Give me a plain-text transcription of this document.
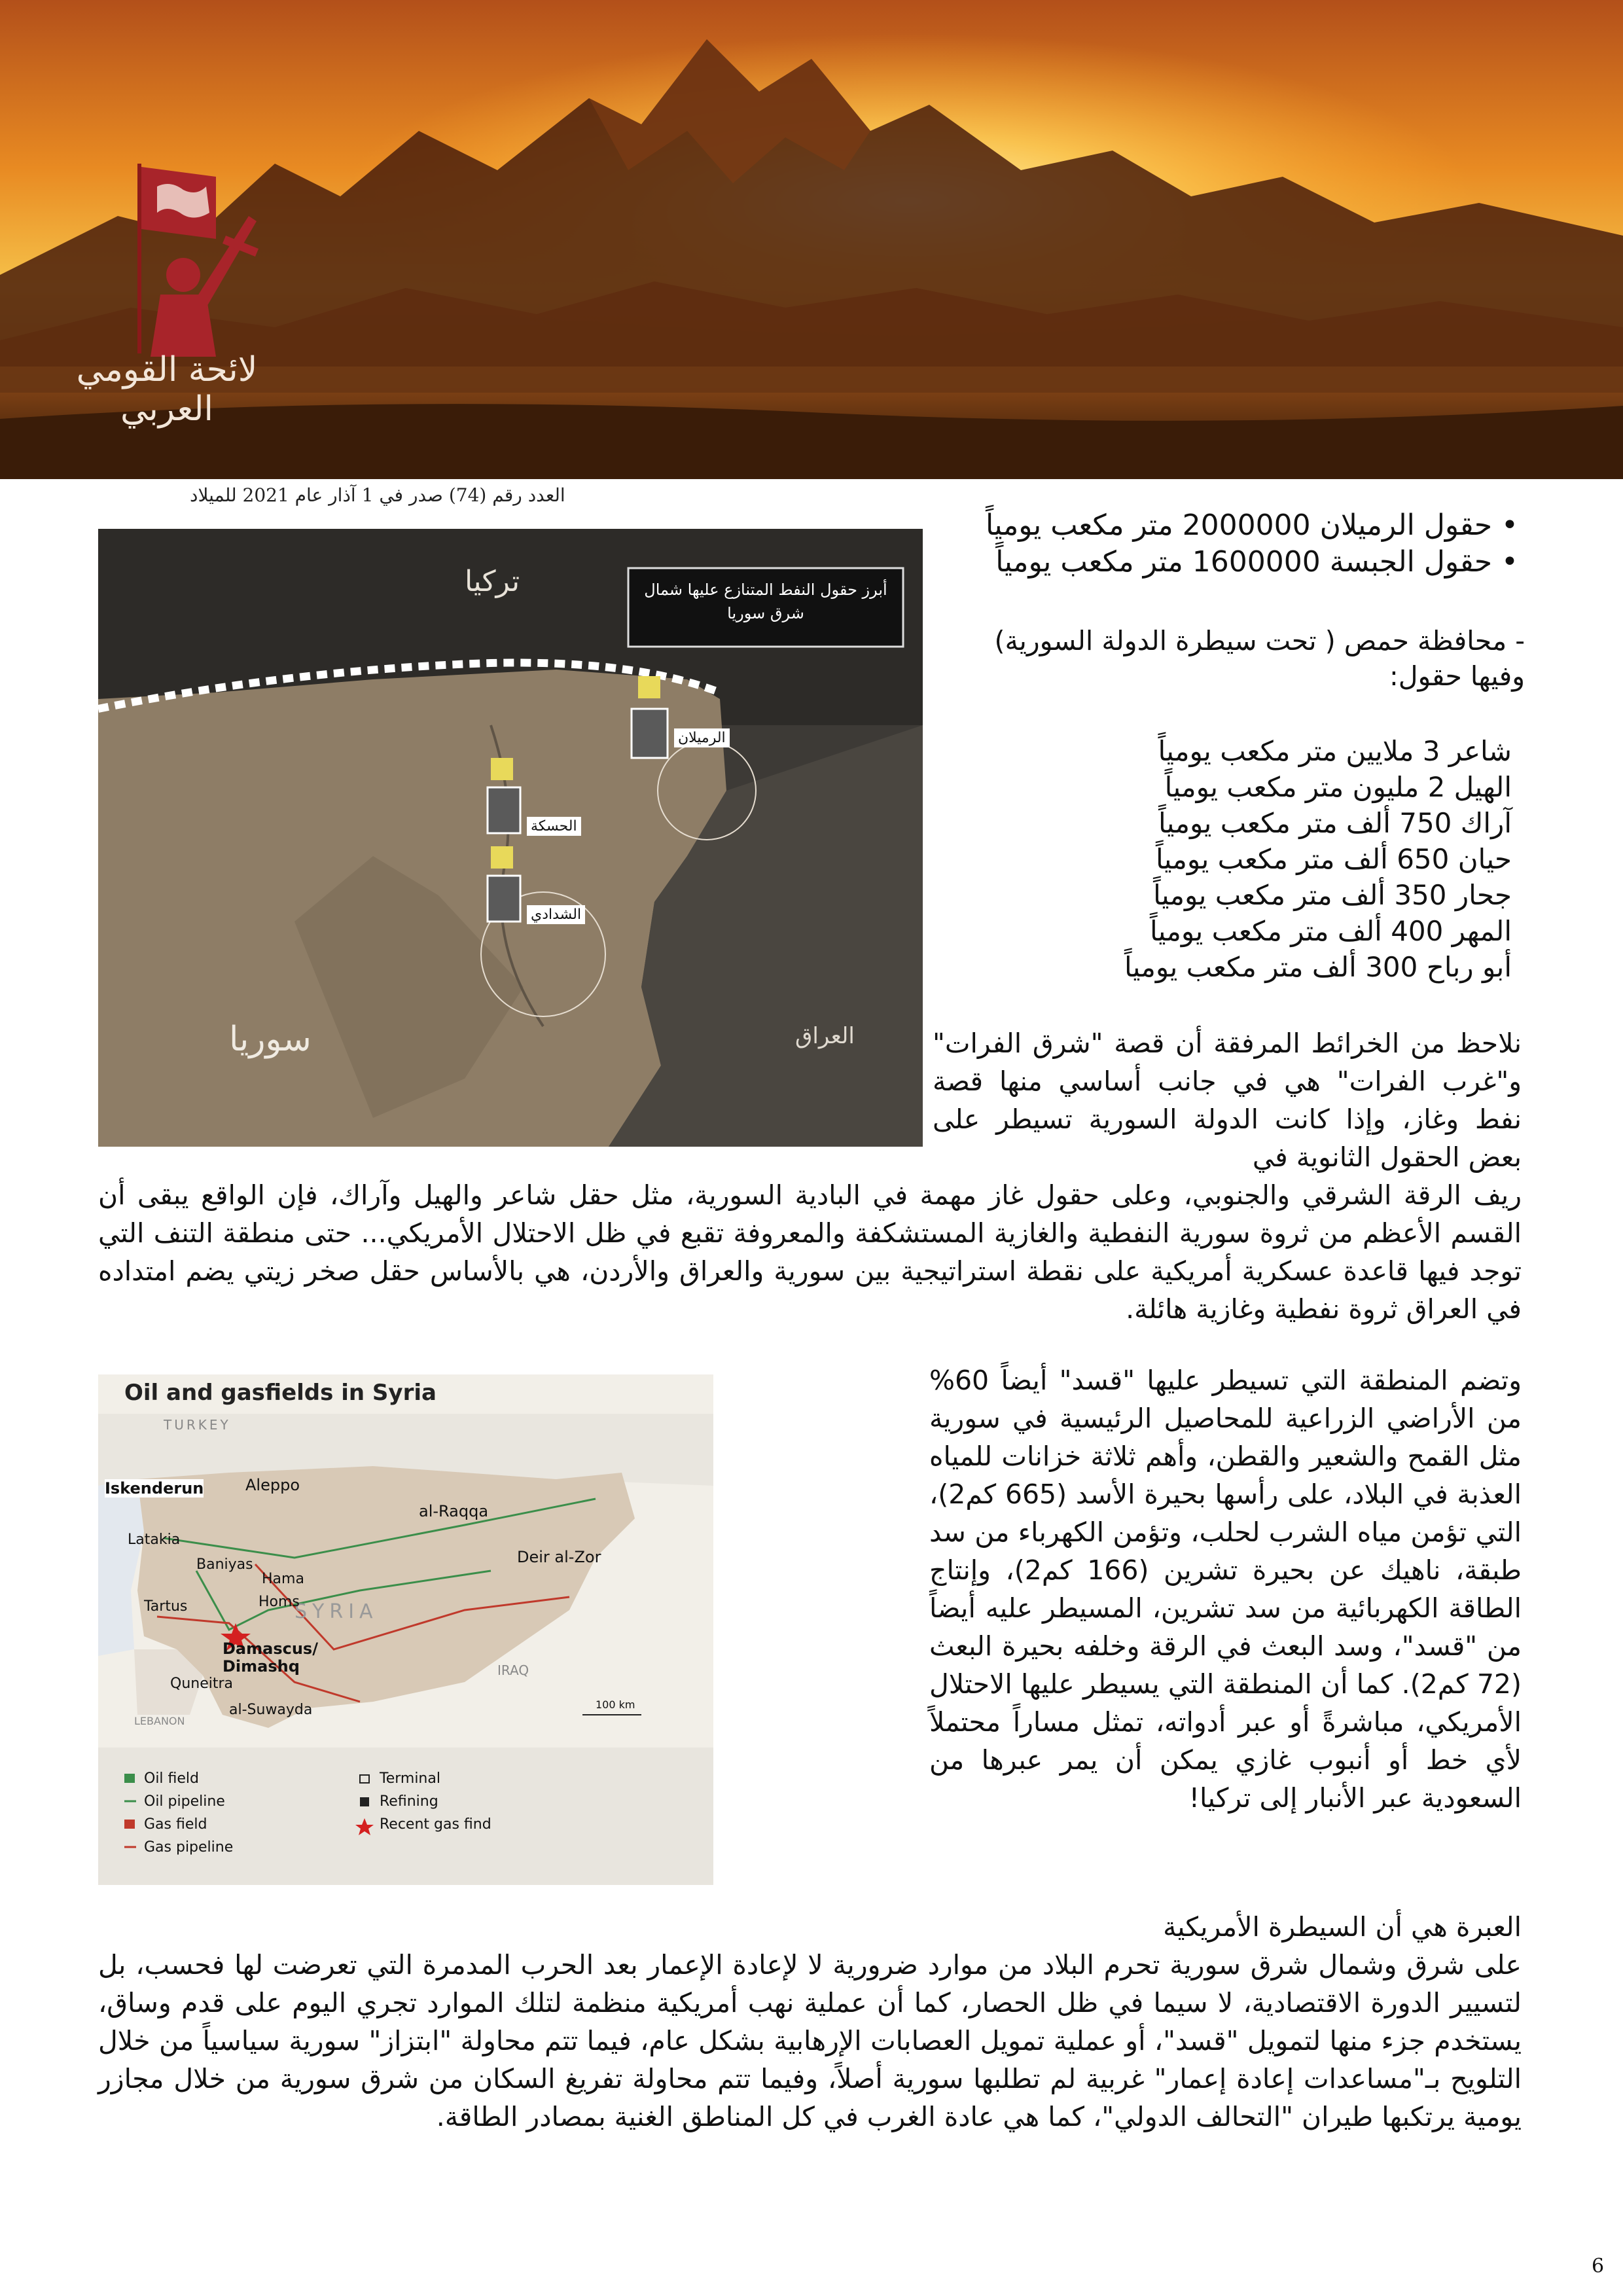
لائحة القومي العربي
العدد رقم (74) صدر في 1 آذار عام 2021 للميلاد
أبرز حقول النفط المتنازع عليها شمال شرق سوريا
تركيا
سوريا	العراق
الرميلان
الحسكة
الشدادي
• حقول الرميلان 2000000 متر مكعب يومياً
• حقول الجبسة 1600000 متر مكعب يومياً
- محافظة حمص ( تحت سيطرة الدولة السورية)
وفيها حقول:
شاعر 3 ملايين متر مكعب يومياً
الهيل 2 مليون متر مكعب يومياً
آراك 750 ألف متر مكعب يومياً
حيان 650 ألف متر مكعب يومياً
جحار 350 ألف متر مكعب يومياً
المهر 400 ألف متر مكعب يومياً
أبو رباح 300 ألف متر مكعب يومياً
نلاحظ من الخرائط المرفقة أن قصة "شرق الفرات" و"غرب الفرات" هي في جانب أساسي منها قصة نفط وغاز، وإذا كانت الدولة السورية تسيطر على بعض الحقول الثانوية في
ريف الرقة الشرقي والجنوبي، وعلى حقول غاز مهمة في البادية السورية، مثل حقل شاعر والهيل وآراك، فإن الواقع يبقى أن القسم الأعظم من ثروة سورية النفطية والغازية المستشكفة والمعروفة تقبع في ظل الاحتلال الأمريكي... حتى منطقة التنف التي توجد فيها قاعدة عسكرية أمريكية على نقطة استراتيجية بين سورية والعراق والأردن، هي بالأساس حقل صخر زيتي يضم امتداده في العراق ثروة نفطية وغازية هائلة.
Oil and gasfields in Syria
TURKEY
LEBANON
IRAQ
SYRIA
Iskenderun	Aleppo
al-Raqqa
Latakia
Baniyas
Hama
Homs
Tartus
Deir al-Zor
Damascus/
Dimashq
Quneitra
al-Suwayda	100 km
Oil field
Oil pipeline
Gas field
Gas pipeline
Terminal
Refining
Recent gas find
وتضم المنطقة التي تسيطر عليها "قسد" أيضاً 60% من الأراضي الزراعية للمحاصيل الرئيسية في سورية مثل القمح والشعير والقطن، وأهم ثلاثة خزانات للمياه العذبة في البلاد، على رأسها بحيرة الأسد (665 كم2)، التي تؤمن مياه الشرب لحلب، وتؤمن الكهرباء من سد طبقة، ناهيك عن بحيرة تشرين (166 كم2)، وإنتاج الطاقة الكهربائية من سد تشرين، المسيطر عليه أيضاً من "قسد"، وسد البعث في الرقة وخلفه بحيرة البعث (72 كم2). كما أن المنطقة التي يسيطر عليها الاحتلال الأمريكي، مباشرةً أو عبر أدواته، تمثل مساراً محتملاً لأي خط أو أنبوب غازي يمكن أن يمر عبرها من السعودية عبر الأنبار إلى تركيا!
العبرة هي أن السيطرة الأمريكية
على شرق وشمال شرق سورية تحرم البلاد من موارد ضرورية لا لإعادة الإعمار بعد الحرب المدمرة التي تعرضت لها فحسب، بل لتسيير الدورة الاقتصادية، لا سيما في ظل الحصار، كما أن عملية نهب أمريكية منظمة لتلك الموارد تجري اليوم على قدم وساق، يستخدم جزء منها لتمويل "قسد"، أو عملية تمويل العصابات الإرهابية بشكل عام، فيما تتم محاولة "ابتزاز" سورية سياسياً من خلال التلويح بـ"مساعدات إعادة إعمار" غربية لم تطلبها سورية أصلاً، وفيما تتم محاولة تفريغ السكان من شرق سورية من خلال مجازر يومية يرتكبها طيران "التحالف الدولي"، كما هي عادة الغرب في كل المناطق الغنية بمصادر الطاقة.
6
